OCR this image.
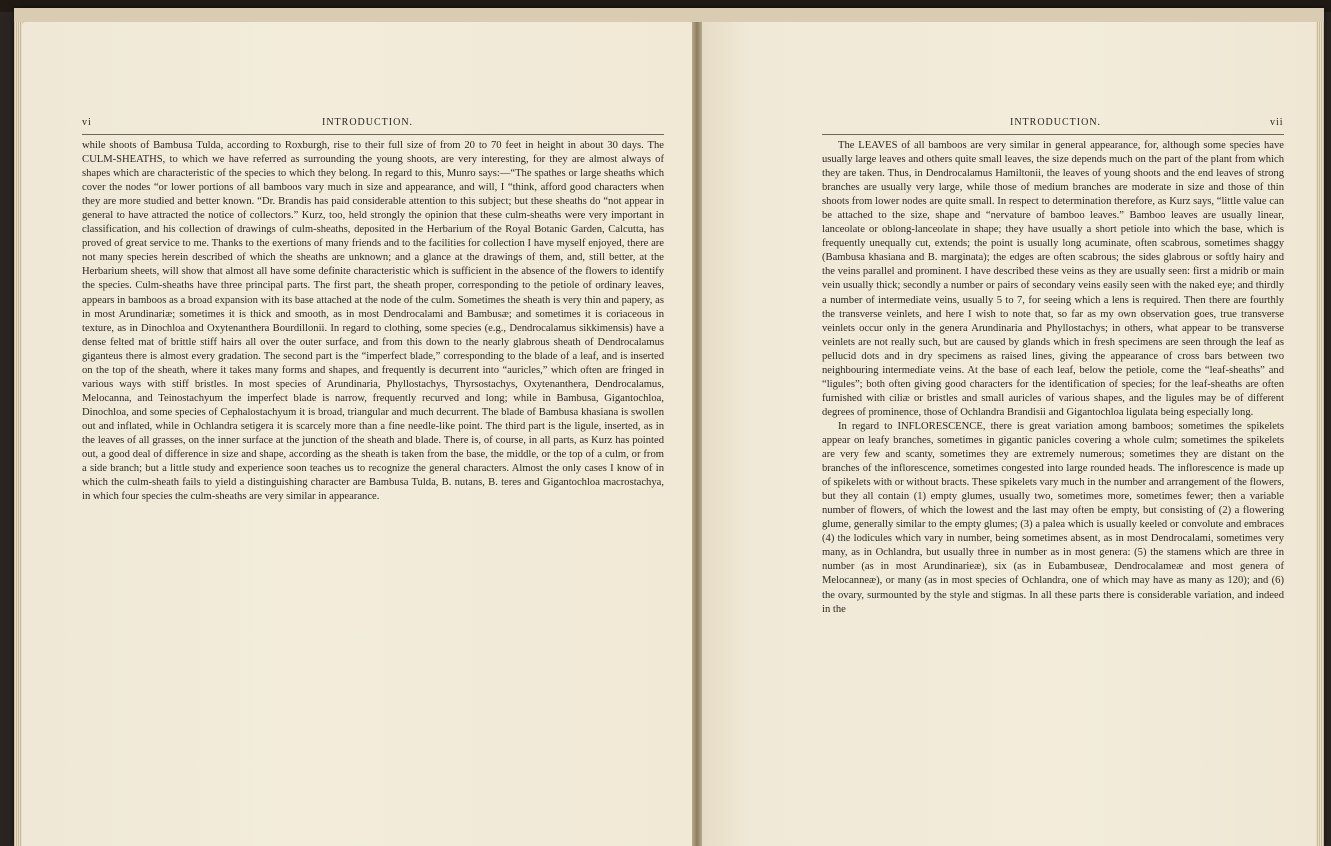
vi	INTRODUCTION.

while shoots of Bambusa Tulda, according to Roxburgh, rise to their full size of from 20 to 70 feet in height in about 30 days. The CULM-SHEATHS, to which we have referred as surrounding the young shoots, are very interesting, for they are almost always of shapes which are characteristic of the species to which they belong. In regard to this, Munro says:—“The spathes or large sheaths which cover the nodes “or lower portions of all bamboos vary much in size and appearance, and will, I “think, afford good characters when they are more studied and better known. “Dr. Brandis has paid considerable attention to this subject; but these sheaths do “not appear in general to have attracted the notice of collectors.” Kurz, too, held strongly the opinion that these culm-sheaths were very important in classification, and his collection of drawings of culm-sheaths, deposited in the Herbarium of the Royal Botanic Garden, Calcutta, has proved of great service to me. Thanks to the exertions of many friends and to the facilities for collection I have myself enjoyed, there are not many species herein described of which the sheaths are unknown; and a glance at the drawings of them, and, still better, at the Herbarium sheets, will show that almost all have some definite characteristic which is sufficient in the absence of the flowers to identify the species. Culm-sheaths have three principal parts. The first part, the sheath proper, corresponding to the petiole of ordinary leaves, appears in bamboos as a broad expansion with its base attached at the node of the culm. Sometimes the sheath is very thin and papery, as in most Arundinariæ; sometimes it is thick and smooth, as in most Dendrocalami and Bambusæ; and sometimes it is coriaceous in texture, as in Dinochloa and Oxytenanthera Bourdillonii. In regard to clothing, some species (e.g., Dendrocalamus sikkimensis) have a dense felted mat of brittle stiff hairs all over the outer surface, and from this down to the nearly glabrous sheath of Dendrocalamus giganteus there is almost every gradation. The second part is the “imperfect blade,” corresponding to the blade of a leaf, and is inserted on the top of the sheath, where it takes many forms and shapes, and frequently is decurrent into “auricles,” which often are fringed in various ways with stiff bristles. In most species of Arundinaria, Phyllostachys, Thyrsostachys, Oxytenanthera, Dendrocalamus, Melocanna, and Teinostachyum the imperfect blade is narrow, frequently recurved and long; while in Bambusa, Gigantochloa, Dinochloa, and some species of Cephalostachyum it is broad, triangular and much decurrent. The blade of Bambusa khasiana is swollen out and inflated, while in Ochlandra setigera it is scarcely more than a fine needle-like point. The third part is the ligule, inserted, as in the leaves of all grasses, on the inner surface at the junction of the sheath and blade. There is, of course, in all parts, as Kurz has pointed out, a good deal of difference in size and shape, according as the sheath is taken from the base, the middle, or the top of a culm, or from a side branch; but a little study and experience soon teaches us to recognize the general characters. Almost the only cases I know of in which the culm-sheath fails to yield a distinguishing character are Bambusa Tulda, B. nutans, B. teres and Gigantochloa macrostachya, in which four species the culm-sheaths are very similar in appearance.

INTRODUCTION.	vii

The LEAVES of all bamboos are very similar in general appearance, for, although some species have usually large leaves and others quite small leaves, the size depends much on the part of the plant from which they are taken. Thus, in Dendrocalamus Hamiltonii, the leaves of young shoots and the end leaves of strong branches are usually very large, while those of medium branches are moderate in size and those of thin shoots from lower nodes are quite small. In respect to determination therefore, as Kurz says, “little value can be attached to the size, shape and “nervature of bamboo leaves.” Bamboo leaves are usually linear, lanceolate or oblong-lanceolate in shape; they have usually a short petiole into which the base, which is frequently unequally cut, extends; the point is usually long acuminate, often scabrous, sometimes shaggy (Bambusa khasiana and B. marginata); the edges are often scabrous; the sides glabrous or softly hairy and the veins parallel and prominent. I have described these veins as they are usually seen: first a midrib or main vein usually thick; secondly a number or pairs of secondary veins easily seen with the naked eye; and thirdly a number of intermediate veins, usually 5 to 7, for seeing which a lens is required. Then there are fourthly the transverse veinlets, and here I wish to note that, so far as my own observation goes, true transverse veinlets occur only in the genera Arundinaria and Phyllostachys; in others, what appear to be transverse veinlets are not really such, but are caused by glands which in fresh specimens are seen through the leaf as pellucid dots and in dry specimens as raised lines, giving the appearance of cross bars between two neighbouring intermediate veins. At the base of each leaf, below the petiole, come the “leaf-sheaths” and “ligules”; both often giving good characters for the identification of species; for the leaf-sheaths are often furnished with ciliæ or bristles and small auricles of various shapes, and the ligules may be of different degrees of prominence, those of Ochlandra Brandisii and Gigantochloa ligulata being especially long.

In regard to INFLORESCENCE, there is great variation among bamboos; sometimes the spikelets appear on leafy branches, sometimes in gigantic panicles covering a whole culm; sometimes the spikelets are very few and scanty, sometimes they are extremely numerous; sometimes they are distant on the branches of the inflorescence, sometimes congested into large rounded heads. The inflorescence is made up of spikelets with or without bracts. These spikelets vary much in the number and arrangement of the flowers, but they all contain (1) empty glumes, usually two, sometimes more, sometimes fewer; then a variable number of flowers, of which the lowest and the last may often be empty, but consisting of (2) a flowering glume, generally similar to the empty glumes; (3) a palea which is usually keeled or convolute and embraces (4) the lodicules which vary in number, being sometimes absent, as in most Dendrocalami, sometimes very many, as in Ochlandra, but usually three in number as in most genera: (5) the stamens which are three in number (as in most Arundinarieæ), six (as in Eubambuseæ, Dendrocalameæ and most genera of Melocanneæ), or many (as in most species of Ochlandra, one of which may have as many as 120); and (6) the ovary, surmounted by the style and stigmas. In all these parts there is considerable variation, and indeed in the
